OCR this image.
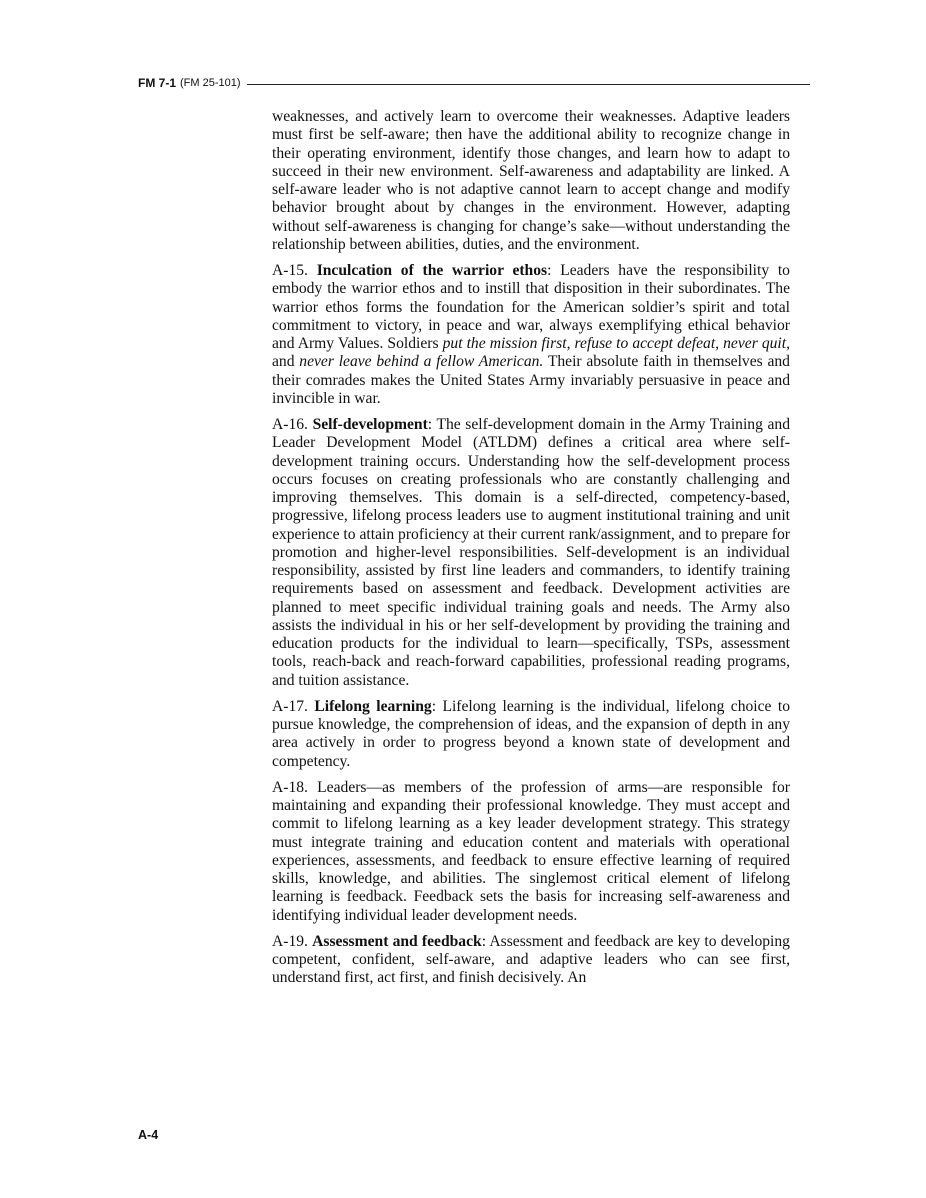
FM 7-1 (FM 25-101)

weaknesses, and actively learn to overcome their weaknesses. Adaptive leaders must first be self-aware; then have the additional ability to recognize change in their operating environment, identify those changes, and learn how to adapt to succeed in their new environment. Self-awareness and adaptability are linked. A self-aware leader who is not adaptive cannot learn to accept change and modify behavior brought about by changes in the environment. However, adapting without self-awareness is changing for change’s sake—without understanding the relationship between abilities, duties, and the environment.

A-15. Inculcation of the warrior ethos: Leaders have the responsibility to embody the warrior ethos and to instill that disposition in their subordinates. The warrior ethos forms the foundation for the American soldier’s spirit and total commitment to victory, in peace and war, always exemplifying ethical behavior and Army Values. Soldiers put the mission first, refuse to accept defeat, never quit, and never leave behind a fellow American. Their absolute faith in themselves and their comrades makes the United States Army invariably persuasive in peace and invincible in war.

A-16. Self-development: The self-development domain in the Army Training and Leader Development Model (ATLDM) defines a critical area where self-development training occurs. Understanding how the self-development process occurs focuses on creating professionals who are constantly challenging and improving themselves. This domain is a self-directed, competency-based, progressive, lifelong process leaders use to augment institutional training and unit experience to attain proficiency at their current rank/assignment, and to prepare for promotion and higher-level responsibilities. Self-development is an individual responsibility, assisted by first line leaders and commanders, to identify training requirements based on assessment and feedback. Development activities are planned to meet specific individual training goals and needs. The Army also assists the individual in his or her self-development by providing the training and education products for the individual to learn—specifically, TSPs, assessment tools, reach-back and reach-forward capabilities, professional reading programs, and tuition assistance.

A-17. Lifelong learning: Lifelong learning is the individual, lifelong choice to pursue knowledge, the comprehension of ideas, and the expansion of depth in any area actively in order to progress beyond a known state of development and competency.

A-18. Leaders—as members of the profession of arms—are responsible for maintaining and expanding their professional knowledge. They must accept and commit to lifelong learning as a key leader development strategy. This strategy must integrate training and education content and materials with operational experiences, assessments, and feedback to ensure effective learning of required skills, knowledge, and abilities. The singlemost critical element of lifelong learning is feedback. Feedback sets the basis for increasing self-awareness and identifying individual leader development needs.

A-19. Assessment and feedback: Assessment and feedback are key to developing competent, confident, self-aware, and adaptive leaders who can see first, understand first, act first, and finish decisively. An

A-4
